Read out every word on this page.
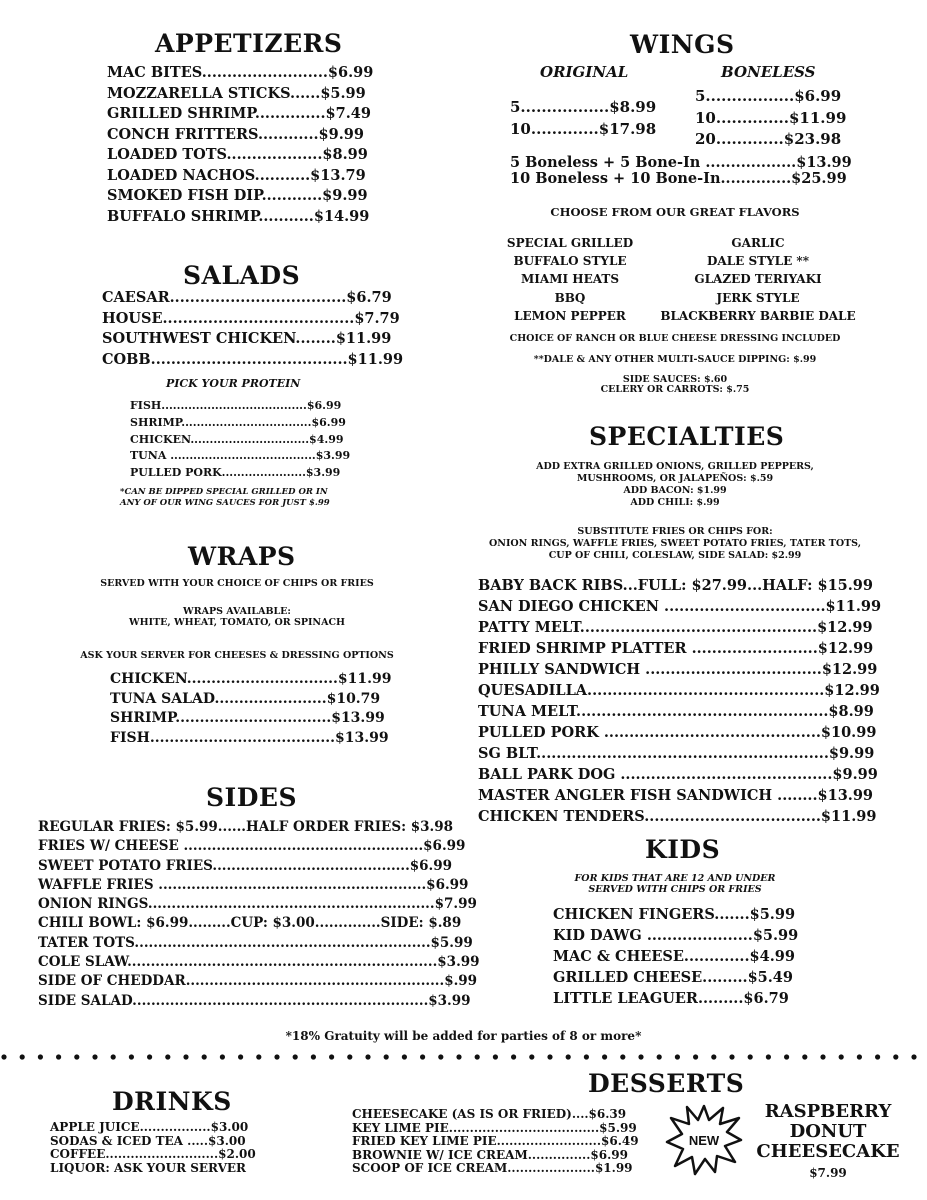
APPETIZERS
MAC BITES.........................$6.99
MOZZARELLA STICKS......$5.99
GRILLED SHRIMP..............$7.49
CONCH FRITTERS............$9.99
LOADED TOTS...................$8.99
LOADED NACHOS...........$13.79
SMOKED FISH DIP............$9.99
BUFFALO SHRIMP...........$14.99
SALADS
CAESAR...................................$6.79
HOUSE......................................$7.79
SOUTHWEST CHICKEN........$11.99
COBB.......................................$11.99
PICK YOUR PROTEIN
FISH......................................$6.99
SHRIMP..................................$6.99
CHICKEN...............................$4.99
TUNA ......................................$3.99
PULLED PORK......................$3.99
*CAN BE DIPPED SPECIAL GRILLED OR IN
ANY OF OUR WING SAUCES FOR JUST $.99
WRAPS
SERVED WITH YOUR CHOICE OF CHIPS OR FRIES
WRAPS AVAILABLE:
WHITE, WHEAT, TOMATO, OR SPINACH
ASK YOUR SERVER FOR CHEESES & DRESSING OPTIONS
CHICKEN...............................$11.99
TUNA SALAD.......................$10.79
SHRIMP................................$13.99
FISH......................................$13.99
SIDES
REGULAR FRIES: $5.99......HALF ORDER FRIES: $3.98
FRIES W/ CHEESE ...................................................$6.99
SWEET POTATO FRIES..........................................$6.99
WAFFLE FRIES .........................................................$6.99
ONION RINGS.............................................................$7.99
CHILI BOWL: $6.99.........CUP: $3.00..............SIDE: $.89
TATER TOTS...............................................................$5.99
COLE SLAW..................................................................$3.99
SIDE OF CHEDDAR.......................................................$.99
SIDE SALAD...............................................................$3.99
WINGS
ORIGINAL	BONELESS
5.................$8.99
10.............$17.98
5.................$6.99
10..............$11.99
20.............$23.98
5 Boneless + 5 Bone-In ..................$13.99
10 Boneless + 10 Bone-In..............$25.99
CHOOSE FROM OUR GREAT FLAVORS
SPECIAL GRILLED
BUFFALO STYLE
MIAMI HEATS
BBQ
LEMON PEPPER
GARLIC
DALE STYLE **
GLAZED TERIYAKI
JERK STYLE
BLACKBERRY BARBIE DALE
CHOICE OF RANCH OR BLUE CHEESE DRESSING INCLUDED
**DALE & ANY OTHER MULTI-SAUCE DIPPING: $.99
SIDE SAUCES: $.60
CELERY OR CARROTS: $.75
SPECIALTIES
ADD EXTRA GRILLED ONIONS, GRILLED PEPPERS,
MUSHROOMS, OR JALAPEÑOS: $.59
ADD BACON: $1.99
ADD CHILI: $.99
SUBSTITUTE FRIES OR CHIPS FOR:
ONION RINGS, WAFFLE FRIES, SWEET POTATO FRIES, TATER TOTS,
CUP OF CHILI, COLESLAW, SIDE SALAD: $2.99
BABY BACK RIBS...FULL: $27.99...HALF: $15.99
SAN DIEGO CHICKEN ................................$11.99
PATTY MELT...............................................$12.99
FRIED SHRIMP PLATTER .........................$12.99
PHILLY SANDWICH ...................................$12.99
QUESADILLA...............................................$12.99
TUNA MELT..................................................$8.99
PULLED PORK ...........................................$10.99
SG BLT..........................................................$9.99
BALL PARK DOG ..........................................$9.99
MASTER ANGLER FISH SANDWICH ........$13.99
CHICKEN TENDERS...................................$11.99
KIDS
FOR KIDS THAT ARE 12 AND UNDER
SERVED WITH CHIPS OR FRIES
CHICKEN FINGERS.......$5.99
KID DAWG .....................$5.99
MAC & CHEESE.............$4.99
GRILLED CHEESE.........$5.49
LITTLE LEAGUER.........$6.79
*18% Gratuity will be added for parties of 8 or more*
DRINKS
APPLE JUICE.................$3.00
SODAS & ICED TEA .....$3.00
COFFEE...........................$2.00
LIQUOR: ASK YOUR SERVER
DESSERTS
CHEESECAKE (AS IS OR FRIED)....$6.39
KEY LIME PIE....................................$5.99
FRIED KEY LIME PIE.........................$6.49
BROWNIE W/ ICE CREAM...............$6.99
SCOOP OF ICE CREAM.....................$1.99
NEW
RASPBERRY
DONUT
CHEESECAKE
$7.99
